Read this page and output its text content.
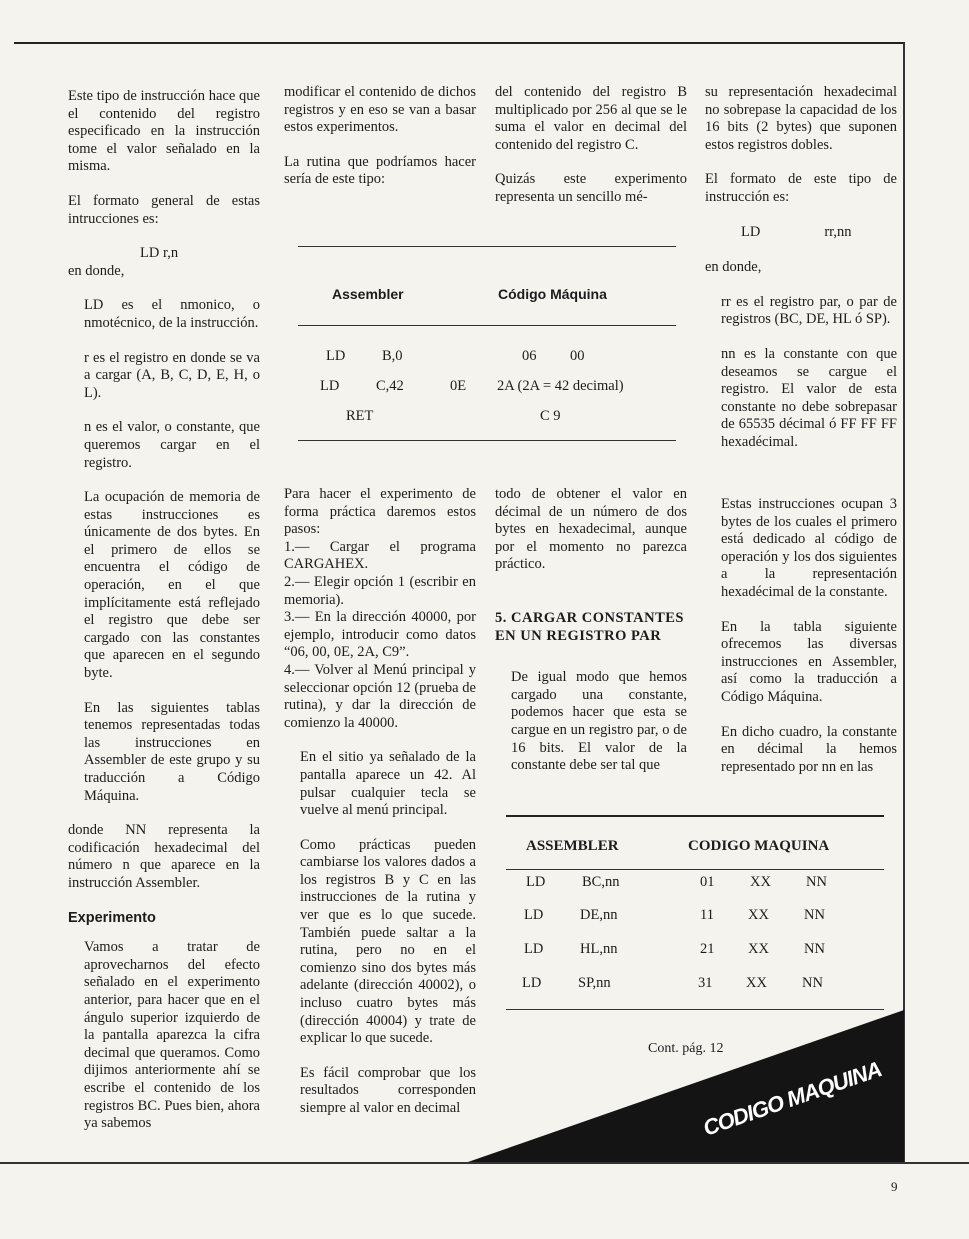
Este tipo de instrucción hace que el contenido del registro especificado en la instrucción tome el valor señalado en la misma.

El formato general de estas intrucciones es:

LD r,n

en donde,

LD es el nmonico, o nmotécnico, de la instrucción.

r es el registro en donde se va a cargar (A, B, C, D, E, H, o L).

n es el valor, o constante, que queremos cargar en el registro.

La ocupación de memoria de estas instrucciones es únicamente de dos bytes. En el primero de ellos se encuentra el código de operación, en el que implícitamente está reflejado el registro que debe ser cargado con las constantes que aparecen en el segundo byte.

En las siguientes tablas tenemos representadas todas las instrucciones en Assembler de este grupo y su traducción a Código Máquina.

donde NN representa la codificación hexadecimal del número n que aparece en la instrucción Assembler.

Experimento

Vamos a tratar de aprovecharnos del efecto señalado en el experimento anterior, para hacer que en el ángulo superior izquierdo de la pantalla aparezca la cifra decimal que queramos. Como dijimos anteriormente ahí se escribe el contenido de los registros BC. Pues bien, ahora ya sabemos

modificar el contenido de dichos registros y en eso se van a basar estos experimentos.

La rutina que podríamos hacer sería de este tipo:

del contenido del registro B multiplicado por 256 al que se le suma el valor en decimal del contenido del registro C.

Quizás este experimento representa un sencillo mé-

su representación hexadecimal no sobrepase la capacidad de los 16 bits (2 bytes) que suponen estos registros dobles.

El formato de este tipo de instrucción es:

LD	rr,nn

en donde,

rr es el registro par, o par de registros (BC, DE, HL ó SP).

nn es la constante con que deseamos se cargue el registro. El valor de esta constante no debe sobrepasar de 65535 décimal ó FF FF FF hexadécimal.

Assembler	Código Máquina
LD	B,0	06 00
LD	C,42	0E 2A (2A = 42 decimal)
RET	C 9

Para hacer el experimento de forma práctica daremos estos pasos:

1.— Cargar el programa CARGAHEX.

2.— Elegir opción 1 (escribir en memoria).

3.— En la dirección 40000, por ejemplo, introducir como datos “06, 00, 0E, 2A, C9”.

4.— Volver al Menú principal y seleccionar opción 12 (prueba de rutina), y dar la dirección de comienzo la 40000.

En el sitio ya señalado de la pantalla aparece un 42. Al pulsar cualquier tecla se vuelve al menú principal.

Como prácticas pueden cambiarse los valores dados a los registros B y C en las instrucciones de la rutina y ver que es lo que sucede. También puede saltar a la rutina, pero no en el comienzo sino dos bytes más adelante (dirección 40002), o incluso cuatro bytes más (dirección 40004) y trate de explicar lo que sucede.

Es fácil comprobar que los resultados corresponden siempre al valor en decimal

todo de obtener el valor en décimal de un número de dos bytes en hexadecimal, aunque por el momento no parezca práctico.

5. CARGAR CONSTANTES EN UN REGISTRO PAR

De igual modo que hemos cargado una constante, podemos hacer que esta se cargue en un registro par, o de 16 bits. El valor de la constante debe ser tal que

Estas instrucciones ocupan 3 bytes de los cuales el primero está dedicado al código de operación y los dos siguientes a la representación hexadécimal de la constante.

En la tabla siguiente ofrecemos las diversas instrucciones en Assembler, así como la traducción a Código Máquina.

En dicho cuadro, la constante en décimal la hemos representado por nn en las

ASSEMBLER	CODIGO MAQUINA
LD	BC,nn	01 XX NN
LD	DE,nn	11 XX NN
LD	HL,nn	21 XX NN
LD	SP,nn	31 XX NN
CODIGO MAQUINA
Cont. pág. 12
9
